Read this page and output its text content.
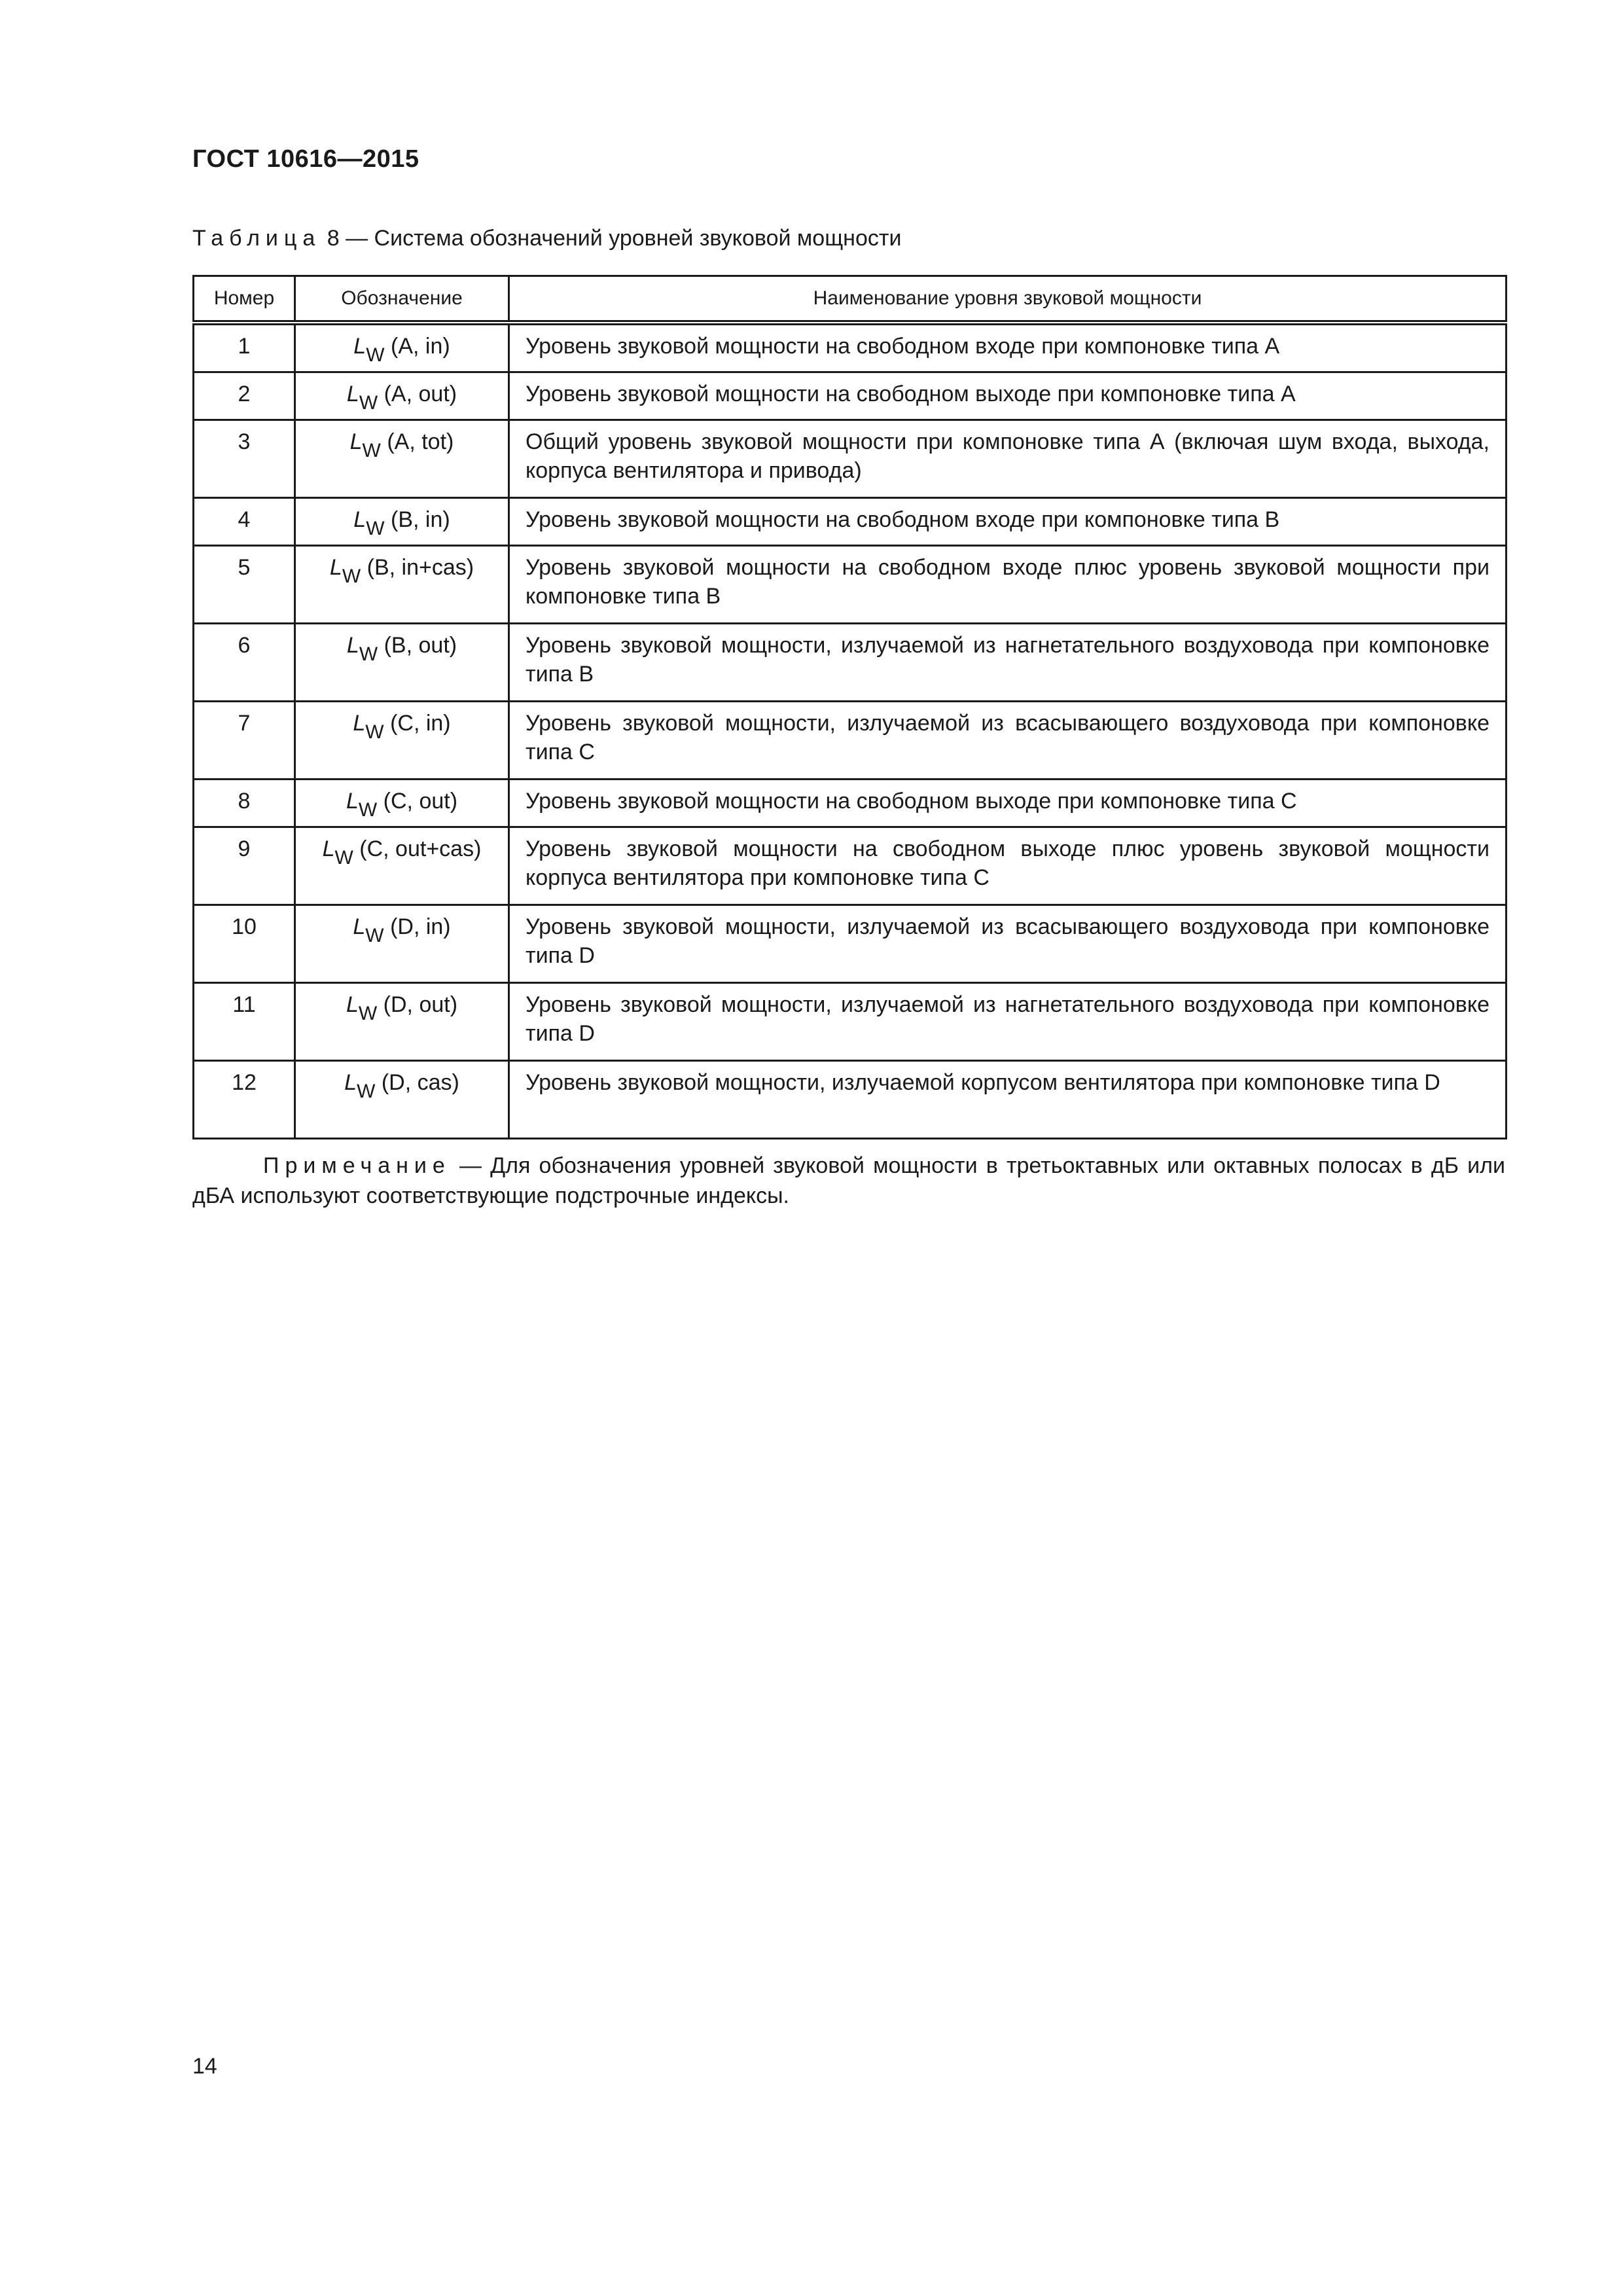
ГОСТ 10616—2015
Таблица 8 — Система обозначений уровней звуковой мощности
Номер	Обозначение	Наименование уровня звуковой мощности
1	$L_W$ (A, in)	Уровень звуковой мощности на свободном входе при компоновке типа А
2	$L_W$ (A, out)	Уровень звуковой мощности на свободном выходе при компоновке типа А
3	$L_W$ (A, tot)	Общий уровень звуковой мощности при компоновке типа А (включая шум входа, выхода, корпуса вентилятора и привода)
4	$L_W$ (B, in)	Уровень звуковой мощности на свободном входе при компоновке типа В
5	$L_W$ (B, in+cas)	Уровень звуковой мощности на свободном входе плюс уровень звуковой мощности при компоновке типа В
6	$L_W$ (B, out)	Уровень звуковой мощности, излучаемой из нагнетательного воздуховода при компоновке типа В
7	$L_W$ (C, in)	Уровень звуковой мощности, излучаемой из всасывающего воздуховода при компоновке типа С
8	$L_W$ (C, out)	Уровень звуковой мощности на свободном выходе при компоновке типа С
9	$L_W$ (C, out+cas)	Уровень звуковой мощности на свободном выходе плюс уровень звуковой мощности корпуса вентилятора при компоновке типа С
10	$L_W$ (D, in)	Уровень звуковой мощности, излучаемой из всасывающего воздуховода при компоновке типа D
11	$L_W$ (D, out)	Уровень звуковой мощности, излучаемой из нагнетательного воздуховода при компоновке типа D
12	$L_W$ (D, cas)	Уровень звуковой мощности, излучаемой корпусом вентилятора при компоновке типа D
Примечание — Для обозначения уровней звуковой мощности в третьоктавных или октавных полосах в дБ или дБА используют соответствующие подстрочные индексы.
14
